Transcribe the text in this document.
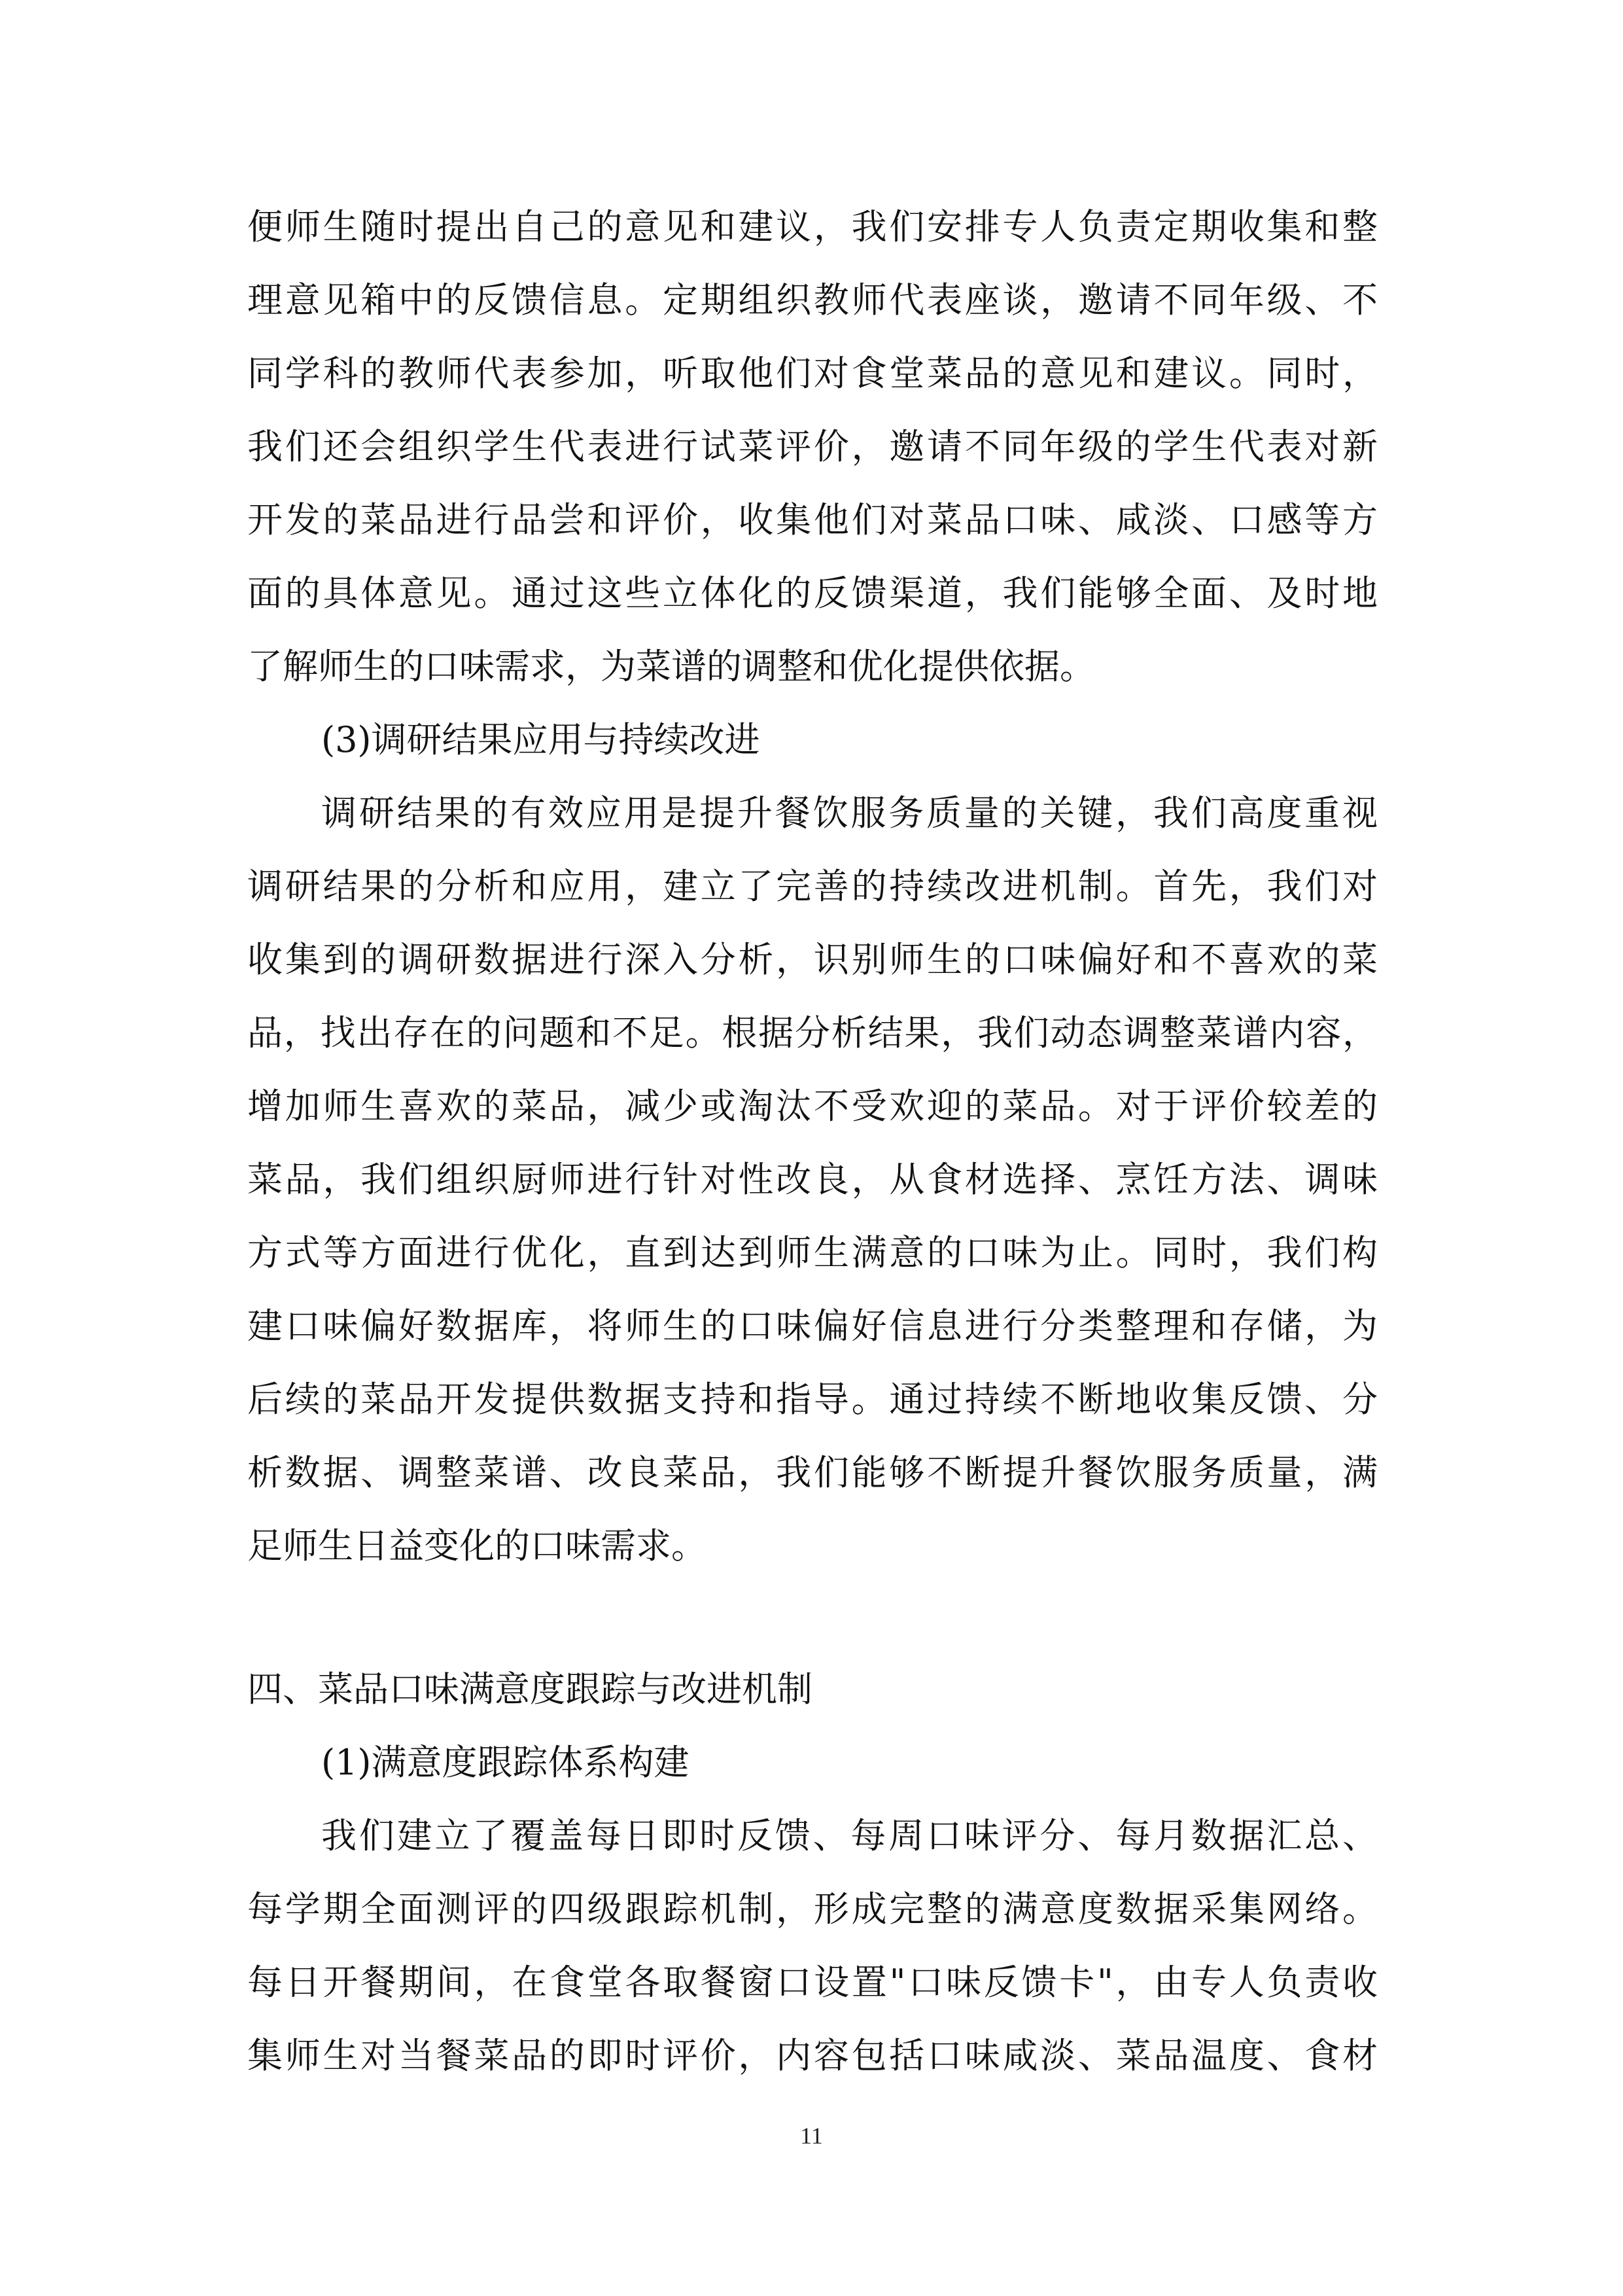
便师生随时提出自己的意见和建议，我们安排专人负责定期收集和整
理意见箱中的反馈信息。定期组织教师代表座谈，邀请不同年级、不
同学科的教师代表参加，听取他们对食堂菜品的意见和建议。同时，
我们还会组织学生代表进行试菜评价，邀请不同年级的学生代表对新
开发的菜品进行品尝和评价，收集他们对菜品口味、咸淡、口感等方
面的具体意见。通过这些立体化的反馈渠道，我们能够全面、及时地
了解师生的口味需求，为菜谱的调整和优化提供依据。
(3)调研结果应用与持续改进
调研结果的有效应用是提升餐饮服务质量的关键，我们高度重视
调研结果的分析和应用，建立了完善的持续改进机制。首先，我们对
收集到的调研数据进行深入分析，识别师生的口味偏好和不喜欢的菜
品，找出存在的问题和不足。根据分析结果，我们动态调整菜谱内容，
增加师生喜欢的菜品，减少或淘汰不受欢迎的菜品。对于评价较差的
菜品，我们组织厨师进行针对性改良，从食材选择、烹饪方法、调味
方式等方面进行优化，直到达到师生满意的口味为止。同时，我们构
建口味偏好数据库，将师生的口味偏好信息进行分类整理和存储，为
后续的菜品开发提供数据支持和指导。通过持续不断地收集反馈、分
析数据、调整菜谱、改良菜品，我们能够不断提升餐饮服务质量，满
足师生日益变化的口味需求。
四、菜品口味满意度跟踪与改进机制
(1)满意度跟踪体系构建
我们建立了覆盖每日即时反馈、每周口味评分、每月数据汇总、
每学期全面测评的四级跟踪机制，形成完整的满意度数据采集网络。
每日开餐期间，在食堂各取餐窗口设置"口味反馈卡"，由专人负责收
集师生对当餐菜品的即时评价，内容包括口味咸淡、菜品温度、食材
11
